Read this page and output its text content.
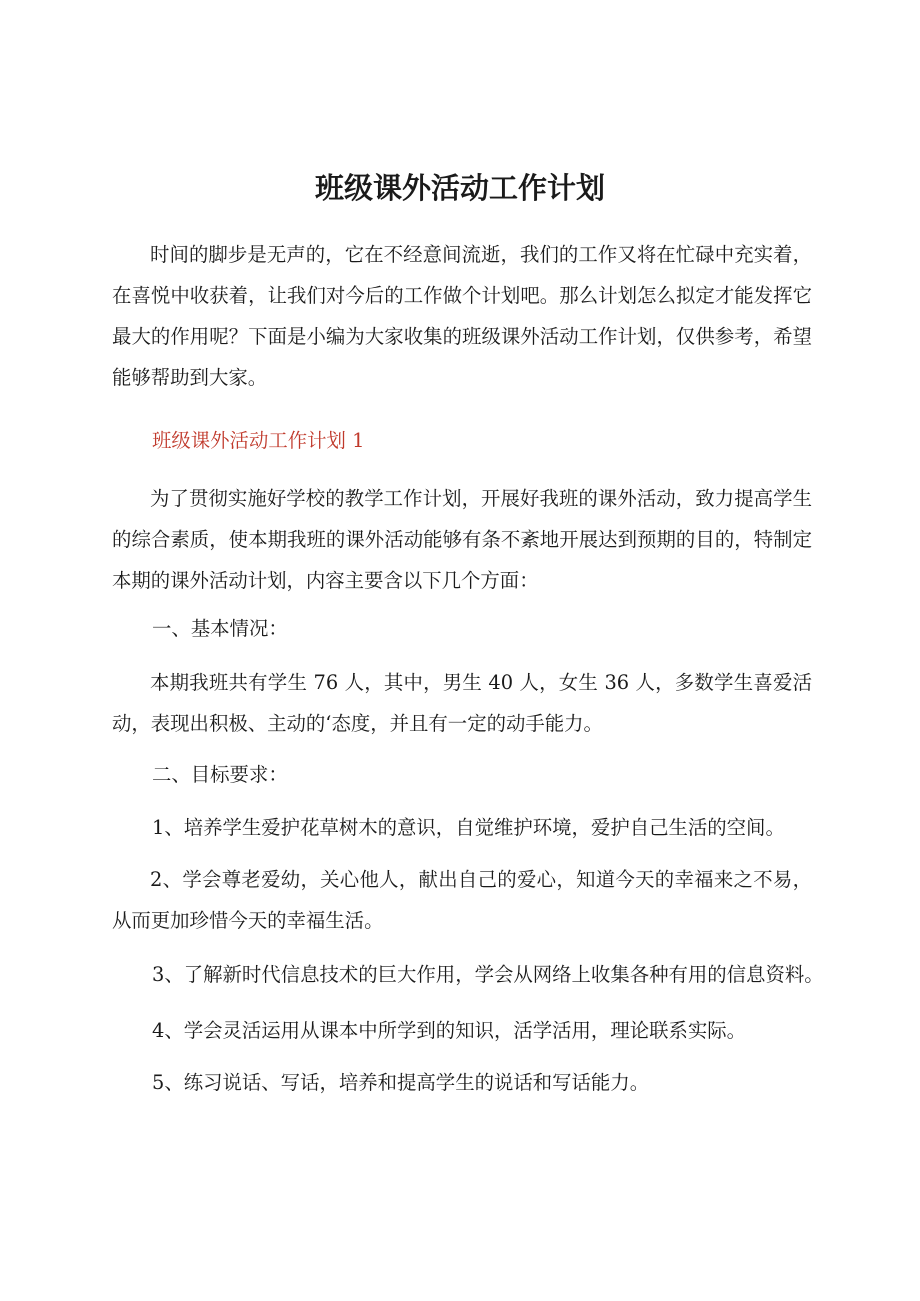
班级课外活动工作计划

时间的脚步是无声的，它在不经意间流逝，我们的工作又将在忙碌中充实着，在喜悦中收获着，让我们对今后的工作做个计划吧。那么计划怎么拟定才能发挥它最大的作用呢？下面是小编为大家收集的班级课外活动工作计划，仅供参考，希望能够帮助到大家。

班级课外活动工作计划 1

为了贯彻实施好学校的教学工作计划，开展好我班的课外活动，致力提高学生的综合素质，使本期我班的课外活动能够有条不紊地开展达到预期的目的，特制定本期的课外活动计划，内容主要含以下几个方面：

一、基本情况：

本期我班共有学生 76 人，其中，男生 40 人，女生 36 人，多数学生喜爱活动，表现出积极、主动的‘态度，并且有一定的动手能力。

二、目标要求：

1、培养学生爱护花草树木的意识，自觉维护环境，爱护自己生活的空间。

2、学会尊老爱幼，关心他人，献出自己的爱心，知道今天的幸福来之不易，从而更加珍惜今天的幸福生活。

3、了解新时代信息技术的巨大作用，学会从网络上收集各种有用的信息资料。

4、学会灵活运用从课本中所学到的知识，活学活用，理论联系实际。

5、练习说话、写话，培养和提高学生的说话和写话能力。
